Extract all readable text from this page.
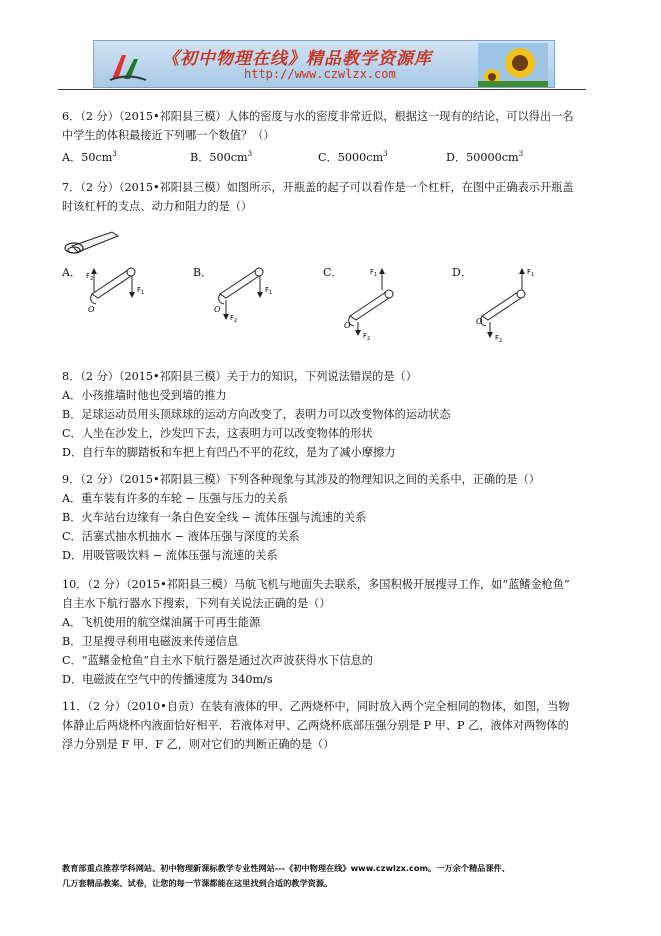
《初中物理在线》精品教学资源库
http://www.czwlzx.com

6．（2 分）（2015•祁阳县三模）人体的密度与水的密度非常近似，根据这一现有的结论，可以得出一名

中学生的体积最接近下列哪一个数值？（）

A．$50cm^3$	B．$500cm^3$	C．$5000cm^3$	D．$50000cm^3$

7．（2 分）（2015•祁阳县三模）如图所示，开瓶盖的起子可以看作是一个杠杆，在图中正确表示开瓶盖

时该杠杆的支点、动力和阻力的是（）

A．	B．	C．	D．
$F_2$
$F_1$
O
$F_1$
$F_2$
O
$F_1$
$F_2$
O
$F_1$
$F_2$
O

8．（2 分）（2015•祁阳县三模）关于力的知识，下列说法错误的是（）

A．小孩推墙时他也受到墙的推力

B．足球运动员用头顶球球的运动方向改变了，表明力可以改变物体的运动状态

C．人坐在沙发上，沙发凹下去，这表明力可以改变物体的形状

D．自行车的脚踏板和车把上有凹凸不平的花纹，是为了减小摩擦力

9．（2 分）（2015•祁阳县三模）下列各种现象与其涉及的物理知识之间的关系中，正确的是（）

A．重车装有许多的车轮 − 压强与压力的关系

B．火车站台边缘有一条白色安全线 − 流体压强与流速的关系

C．活塞式抽水机抽水 − 液体压强与深度的关系

D．用吸管吸饮料 − 流体压强与流速的关系

10．（2 分）（2015•祁阳县三模）马航飞机与地面失去联系，多国积极开展搜寻工作，如“蓝鳍金枪鱼”

自主水下航行器水下搜索，下列有关说法正确的是（）

A．飞机使用的航空煤油属于可再生能源

B．卫星搜寻利用电磁波来传递信息

C．“蓝鳍金枪鱼”自主水下航行器是通过次声波获得水下信息的

D．电磁波在空气中的传播速度为 340m/s

11．（2 分）（2010•自贡）在装有液体的甲、乙两烧杯中，同时放入两个完全相同的物体，如图，当物

体静止后两烧杯内液面恰好相平．若液体对甲、乙两烧杯底部压强分别是 P 甲、P 乙，液体对两物体的

浮力分别是 F 甲、F 乙，则对它们的判断正确的是（）

教育部重点推荐学科网站、初中物理新课标教学专业性网站---《初中物理在线》www.czwlzx.com。一万余个精品课件、

几万套精品教案、试卷，让您的每一节课都能在这里找到合适的教学资源。
